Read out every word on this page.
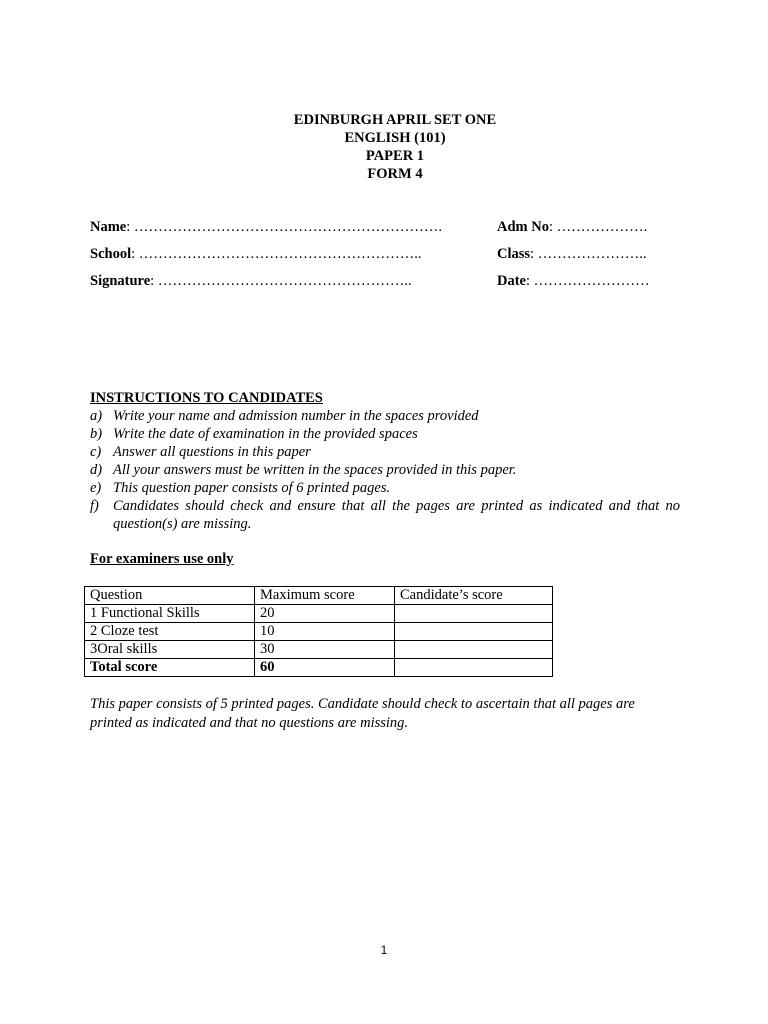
EDINBURGH APRIL SET ONE
ENGLISH (101)
PAPER 1
FORM 4
Name: ……………………………………………………….	Adm No: ……………….
School: …………………………………………………..	Class: …………………..
Signature: ……………………………………………..	Date: ……………………
INSTRUCTIONS TO CANDIDATES
a) Write your name and admission number in the spaces provided
b) Write the date of examination in the provided spaces
c) Answer all questions in this paper
d) All your answers must be written in the spaces provided in this paper.
e) This question paper consists of 6 printed pages.
f) Candidates should check and ensure that all the pages are printed as indicated and that no question(s) are missing.
For examiners use only
Question	Maximum score	Candidate’s score
1 Functional Skills	20	
2 Cloze test	10	
3Oral skills	30	
Total score	60	
This paper consists of 5 printed pages. Candidate should check to ascertain that all pages are printed as indicated and that no questions are missing.
1
